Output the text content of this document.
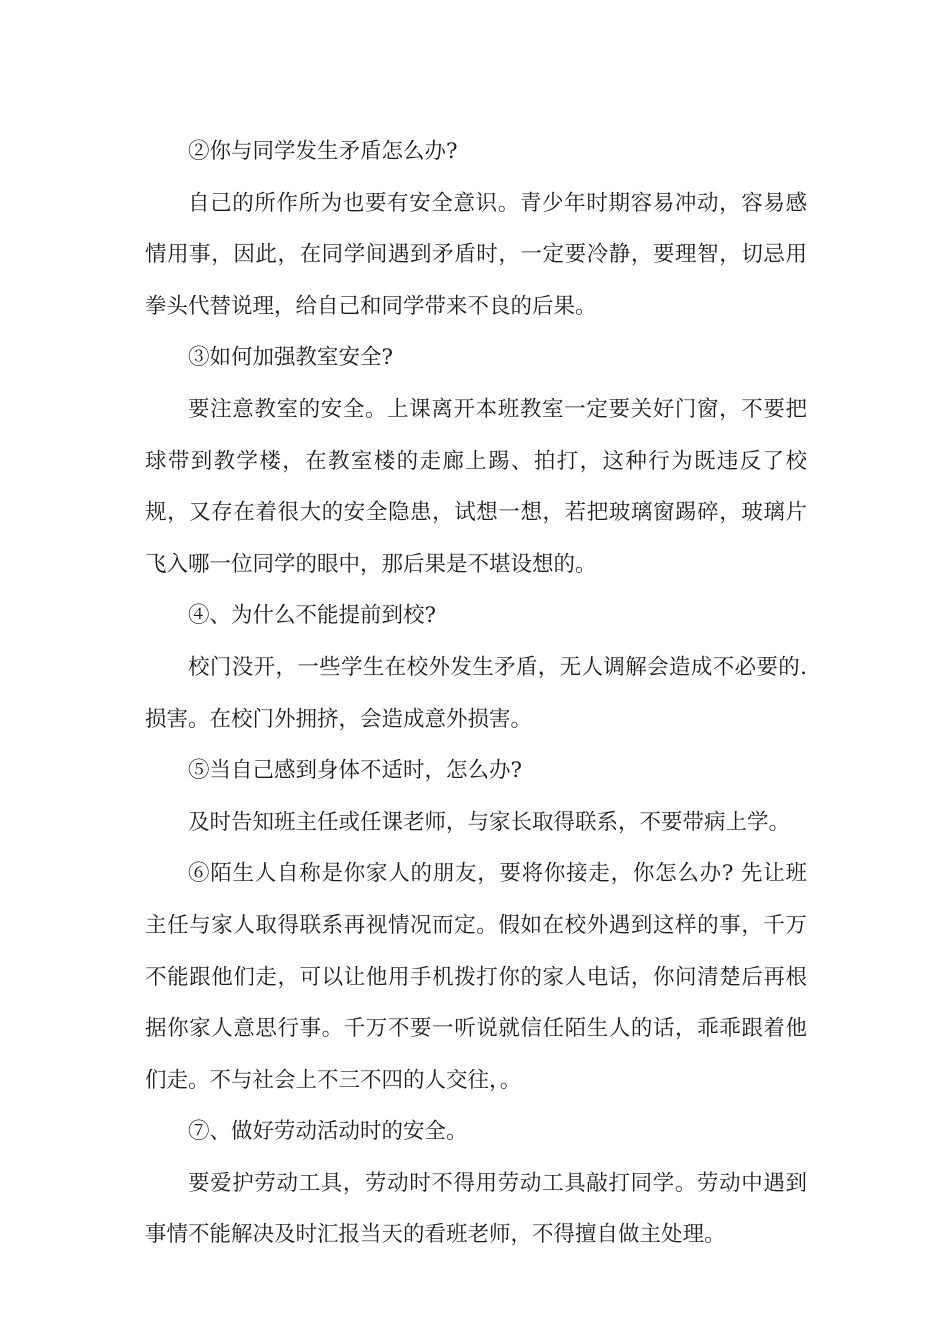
②你与同学发生矛盾怎么办?

自己的所作所为也要有安全意识。青少年时期容易冲动，容易感情用事，因此，在同学间遇到矛盾时，一定要冷静，要理智，切忌用拳头代替说理，给自己和同学带来不良的后果。

③如何加强教室安全?

要注意教室的安全。上课离开本班教室一定要关好门窗，不要把球带到教学楼，在教室楼的走廊上踢、拍打，这种行为既违反了校规，又存在着很大的安全隐患，试想一想，若把玻璃窗踢碎，玻璃片飞入哪一位同学的眼中，那后果是不堪设想的。

④、为什么不能提前到校?

校门没开，一些学生在校外发生矛盾，无人调解会造成不必要的.损害。在校门外拥挤，会造成意外损害。

⑤当自己感到身体不适时，怎么办?

及时告知班主任或任课老师，与家长取得联系，不要带病上学。

⑥陌生人自称是你家人的朋友，要将你接走，你怎么办? 先让班主任与家人取得联系再视情况而定。假如在校外遇到这样的事，千万不能跟他们走，可以让他用手机拨打你的家人电话，你问清楚后再根据你家人意思行事。千万不要一听说就信任陌生人的话，乖乖跟着他们走。不与社会上不三不四的人交往，。

⑦、做好劳动活动时的安全。

要爱护劳动工具，劳动时不得用劳动工具敲打同学。劳动中遇到事情不能解决及时汇报当天的看班老师，不得擅自做主处理。
